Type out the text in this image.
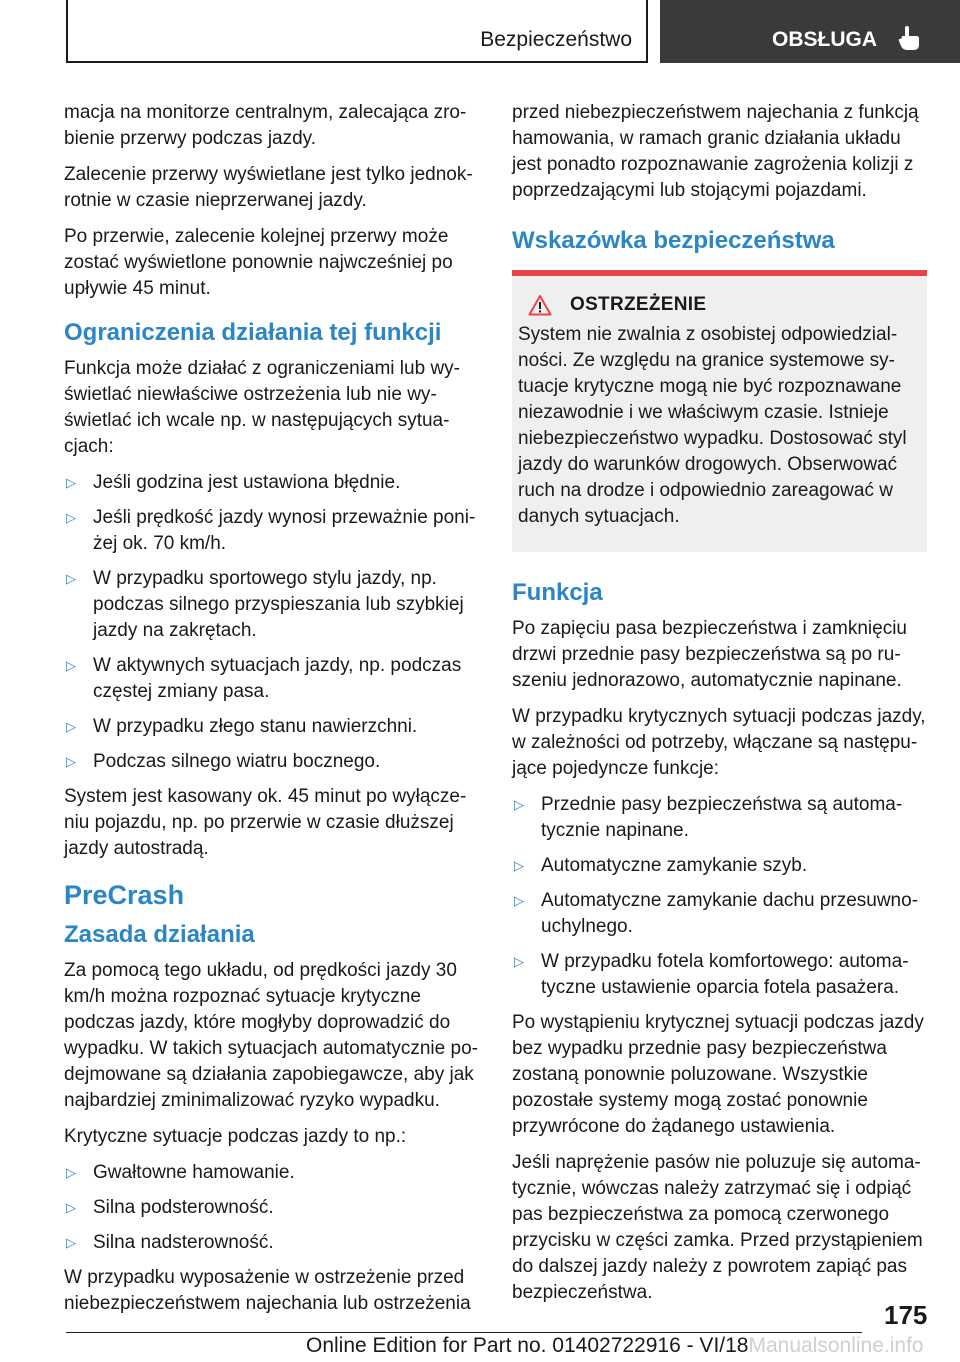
Bezpieczeństwo	OBSŁUGA

macja na monitorze centralnym, zalecająca zrobienie przerwy podczas jazdy.

Zalecenie przerwy wyświetlane jest tylko jednokrotnie w czasie nieprzerwanej jazdy.

Po przerwie, zalecenie kolejnej przerwy może zostać wyświetlone ponownie najwcześniej po upływie 45 minut.

Ograniczenia działania tej funkcji

Funkcja może działać z ograniczeniami lub wyświetlać niewłaściwe ostrzeżenia lub nie wyświetlać ich wcale np. w następujących sytuacjach:

▷ Jeśli godzina jest ustawiona błędnie.
▷ Jeśli prędkość jazdy wynosi przeważnie poniżej ok. 70 km/h.
▷ W przypadku sportowego stylu jazdy, np. podczas silnego przyspieszania lub szybkiej jazdy na zakrętach.
▷ W aktywnych sytuacjach jazdy, np. podczas częstej zmiany pasa.
▷ W przypadku złego stanu nawierzchni.
▷ Podczas silnego wiatru bocznego.

System jest kasowany ok. 45 minut po wyłączeniu pojazdu, np. po przerwie w czasie dłuższej jazdy autostradą.

PreCrash
Zasada działania

Za pomocą tego układu, od prędkości jazdy 30 km/h można rozpoznać sytuacje krytyczne podczas jazdy, które mogłyby doprowadzić do wypadku. W takich sytuacjach automatycznie podejmowane są działania zapobiegawcze, aby jak najbardziej zminimalizować ryzyko wypadku.

Krytyczne sytuacje podczas jazdy to np.:

▷ Gwałtowne hamowanie.
▷ Silna podsterowność.
▷ Silna nadsterowność.

W przypadku wyposażenie w ostrzeżenie przed niebezpieczeństwem najechania lub ostrzeżenia

przed niebezpieczeństwem najechania z funkcją hamowania, w ramach granic działania układu jest ponadto rozpoznawanie zagrożenia kolizji z poprzedzającymi lub stojącymi pojazdami.

Wskazówka bezpieczeństwa
OSTRZEŻENIE

System nie zwalnia z osobistej odpowiedzialności. Ze względu na granice systemowe sytuacje krytyczne mogą nie być rozpoznawane niezawodnie i we właściwym czasie. Istnieje niebezpieczeństwo wypadku. Dostosować styl jazdy do warunków drogowych. Obserwować ruch na drodze i odpowiednio zareagować w danych sytuacjach.

Funkcja

Po zapięciu pasa bezpieczeństwa i zamknięciu drzwi przednie pasy bezpieczeństwa są po ruszeniu jednorazowo, automatycznie napinane.

W przypadku krytycznych sytuacji podczas jazdy, w zależności od potrzeby, włączane są następujące pojedyncze funkcje:

▷ Przednie pasy bezpieczeństwa są automatycznie napinane.
▷ Automatyczne zamykanie szyb.
▷ Automatyczne zamykanie dachu przesuwno-uchylnego.
▷ W przypadku fotela komfortowego: automatyczne ustawienie oparcia fotela pasażera.

Po wystąpieniu krytycznej sytuacji podczas jazdy bez wypadku przednie pasy bezpieczeństwa zostaną ponownie poluzowane. Wszystkie pozostałe systemy mogą zostać ponownie przywrócone do żądanego ustawienia.

Jeśli naprężenie pasów nie poluzuje się automatycznie, wówczas należy zatrzymać się i odpiąć pas bezpieczeństwa za pomocą czerwonego przycisku w części zamka. Przed przystąpieniem do dalszej jazdy należy z powrotem zapiąć pas bezpieczeństwa.

175
Online Edition for Part no. 01402722916 - VI/18Manualsonline.info
